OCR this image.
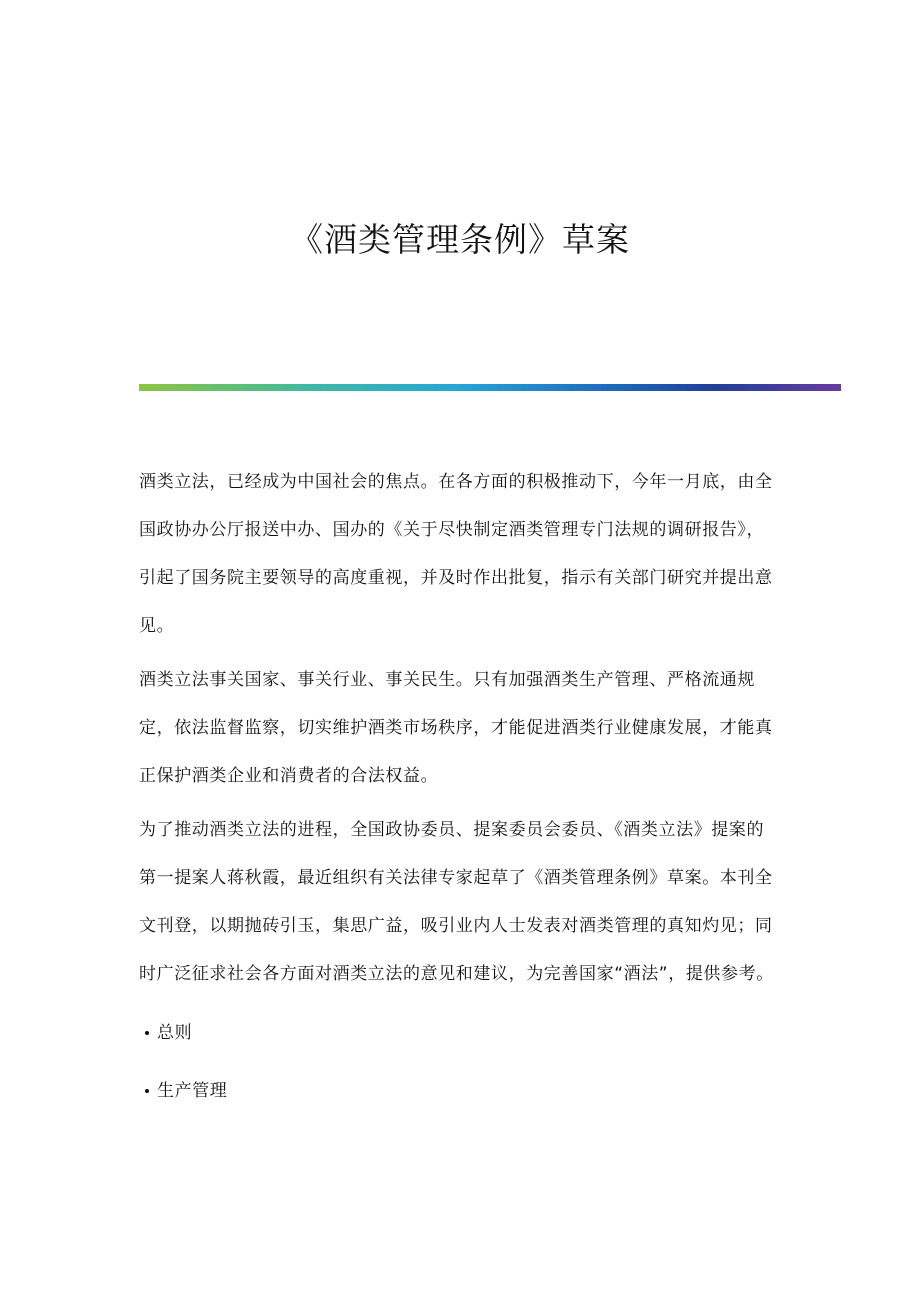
《酒类管理条例》草案

酒类立法，已经成为中国社会的焦点。在各方面的积极推动下，今年一月底，由全国政协办公厅报送中办、国办的《关于尽快制定酒类管理专门法规的调研报告》，引起了国务院主要领导的高度重视，并及时作出批复，指示有关部门研究并提出意见。

酒类立法事关国家、事关行业、事关民生。只有加强酒类生产管理、严格流通规定，依法监督监察，切实维护酒类市场秩序，才能促进酒类行业健康发展，才能真正保护酒类企业和消费者的合法权益。

为了推动酒类立法的进程，全国政协委员、提案委员会委员、《酒类立法》提案的第一提案人蒋秋霞，最近组织有关法律专家起草了《酒类管理条例》草案。本刊全文刊登，以期抛砖引玉，集思广益，吸引业内人士发表对酒类管理的真知灼见；同时广泛征求社会各方面对酒类立法的意见和建议，为完善国家“酒法”，提供参考。

总则
生产管理
